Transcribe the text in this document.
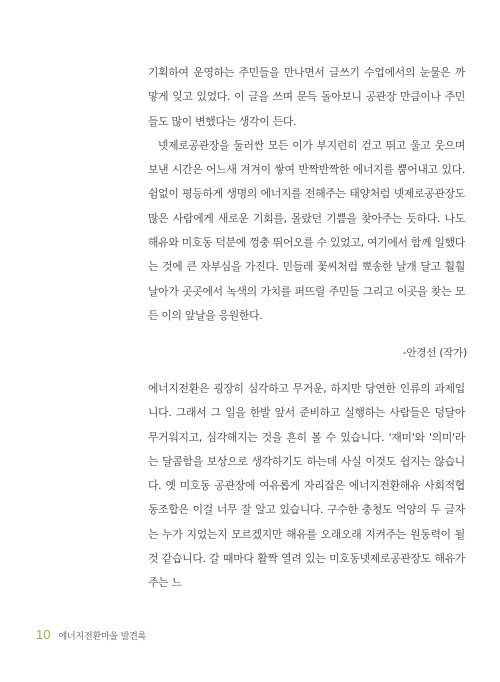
기획하여 운영하는 주민들을 만나면서 글쓰기 수업에서의 눈물은 까맣게 잊고 있었다. 이 글을 쓰며 문득 돌아보니 공관장 만큼이나 주민들도 많이 변했다는 생각이 든다.

넷제로공관장을 둘러싼 모든 이가 부지런히 걷고 뛰고 울고 웃으며 보낸 시간은 어느새 겨겨이 쌓여 반짝반짝한 에너지를 뿜어내고 있다. 쉼없이 평등하게 생명의 에너지를 전해주는 태양처럼 넷제로공관장도 많은 사람에게 새로운 기회를, 몰랐던 기쁨을 찾아주는 듯하다. 나도 해유와 미호동 덕분에 껑충 뛰어오를 수 있었고, 여기에서 함께 일했다는 것에 큰 자부심을 가진다. 민들레 꽃씨처럼 뾰송한 날개 달고 훨훨 날아가 곳곳에서 녹색의 가치를 퍼뜨릴 주민들 그리고 이곳을 찾는 모든 이의 앞날을 응원한다.

-안경선 (작가)

에너지전환은 굉장히 심각하고 무거운, 하지만 당연한 인류의 과제입니다. 그래서 그 일을 한발 앞서 준비하고 실행하는 사람들은 덩달아 무거워지고, 심각해지는 것을 흔히 볼 수 있습니다. '재미'와 '의미'라는 달콤함을 보상으로 생각하기도 하는데 사실 이것도 쉽지는 않습니다. 옛 미호동 공관장에 여유롭게 자리잡은 에너지전환해유 사회적협동조합은 이걸 너무 잘 알고 있습니다. 구수한 충청도 억양의 두 글자는 누가 지었는지 모르겠지만 해유를 오래오래 지켜주는 원동력이 될 것 같습니다. 갈 때마다 활짝 열려 있는 미호동넷제로공관장도 해유가 주는 느

10 에너지전환마을 발견록
